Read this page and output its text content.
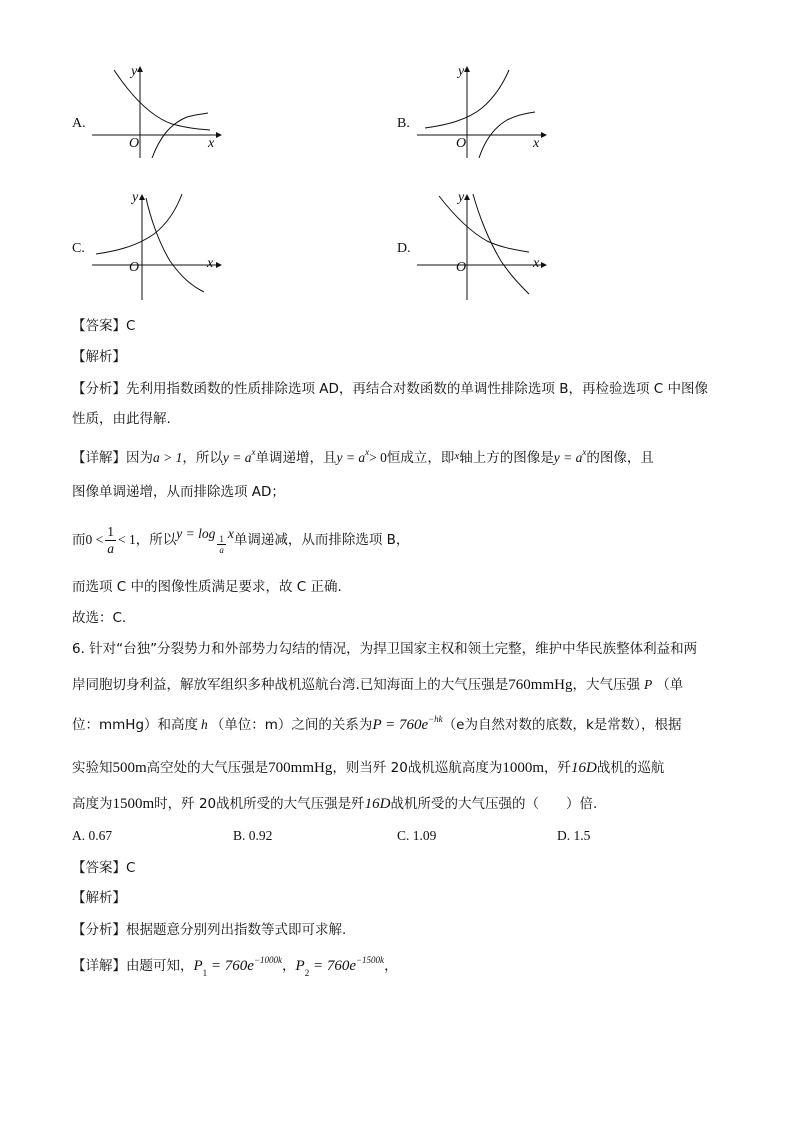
A.
y
x
O
B.
y
x
O
C.
y
x
O
D.
y
x
O
【答案】C
【解析】
【分析】先利用指数函数的性质排除选项 AD，再结合对数函数的单调性排除选项 B，再检验选项 C 中图像
性质，由此得解.
【详解】因为a > 1，所以$y = a^x$单调递增，且$y = a^x> 0$恒成立，即$^x$轴上方的图像是$y = a^x$的图像，且
图像单调递增，从而排除选项 AD；
而$0 < \frac{1}{a} < 1$，所以$y = \log \frac{1}{a}$ x单调递减，从而排除选项 B，
而选项 C 中的图像性质满足要求，故 C 正确.
故选：C.
6. 针对“台独”分裂势力和外部势力勾结的情况，为捍卫国家主权和领土完整，维护中华民族整体利益和两
岸同胞切身利益，解放军组织多种战机巡航台湾.已知海面上的大气压强是760mmHg，大气压强 P （单
位：mmHg）和高度 h （单位：m）之间的关系为$P = 760e^{-hk}(e$为自然对数的底数，k是常数），根据
实验知500m高空处的大气压强是700mmHg，则当歼 20战机巡航高度为1000m，歼16D战机的巡航
高度为1500m时，歼 20战机所受的大气压强是歼16D战机所受的大气压强的（　　）倍.
A. 0.67	B. 0.92	C. 1.09	D. 1.5
【答案】C
【解析】
【分析】根据题意分别列出指数等式即可求解.
【详解】由题可知，$P_1 = 760e^{-1000k}$，$P_2 = 760e^{-1500k}$，
